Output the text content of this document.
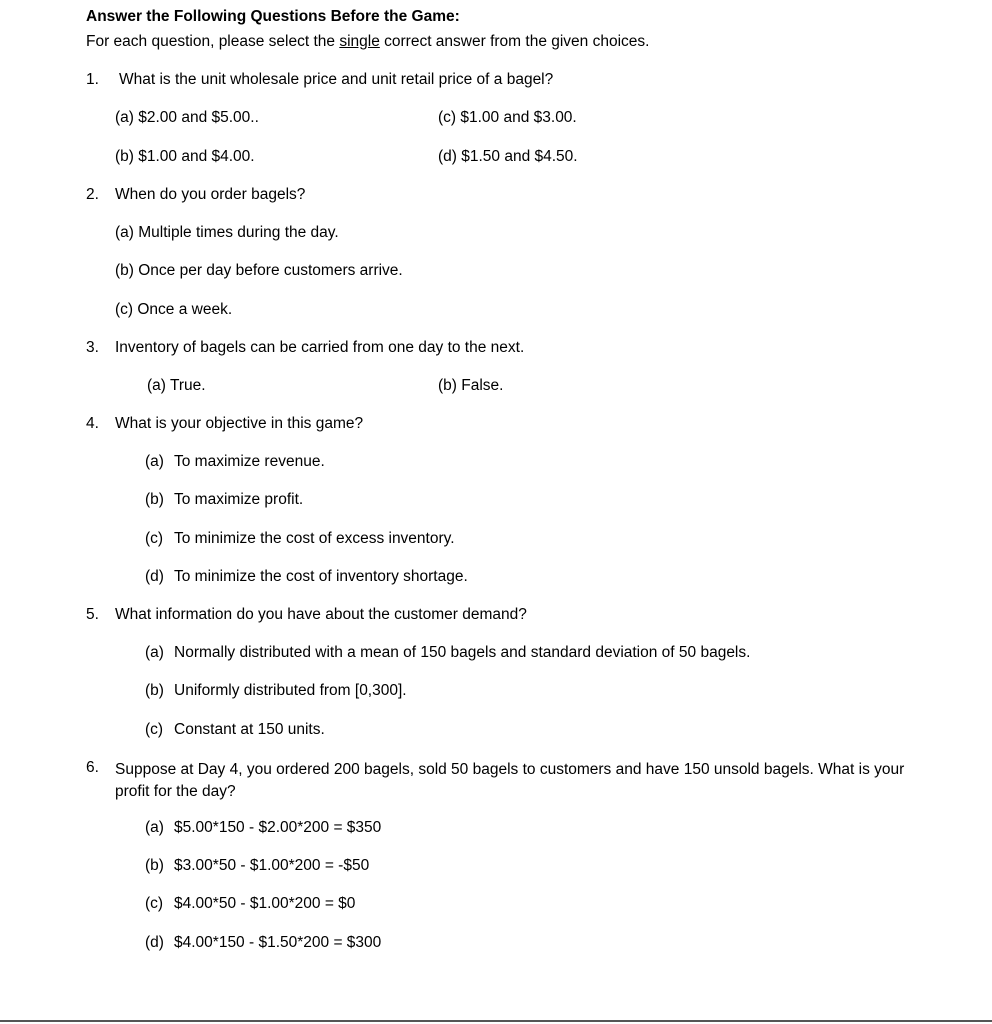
Answer the Following Questions Before the Game:
For each question, please select the single correct answer from the given choices.
1. What is the unit wholesale price and unit retail price of a bagel?
(a) $2.00 and $5.00..
(b) $1.00 and $4.00.
(c) $1.00 and $3.00.
(d) $1.50 and $4.50.
2. When do you order bagels?
(a) Multiple times during the day.
(b) Once per day before customers arrive.
(c) Once a week.
3. Inventory of bagels can be carried from one day to the next.
(a) True.	(b) False.
4. What is your objective in this game?
(a) To maximize revenue.
(b) To maximize profit.
(c) To minimize the cost of excess inventory.
(d) To minimize the cost of inventory shortage.
5. What information do you have about the customer demand?
(a) Normally distributed with a mean of 150 bagels and standard deviation of 50 bagels.
(b) Uniformly distributed from [0,300].
(c) Constant at 150 units.
6. Suppose at Day 4, you ordered 200 bagels, sold 50 bagels to customers and have 150 unsold bagels. What is your profit for the day?
(a) $5.00*150 - $2.00*200 = $350
(b) $3.00*50 - $1.00*200 = -$50
(c) $4.00*50 - $1.00*200 = $0
(d) $4.00*150 - $1.50*200 = $300
